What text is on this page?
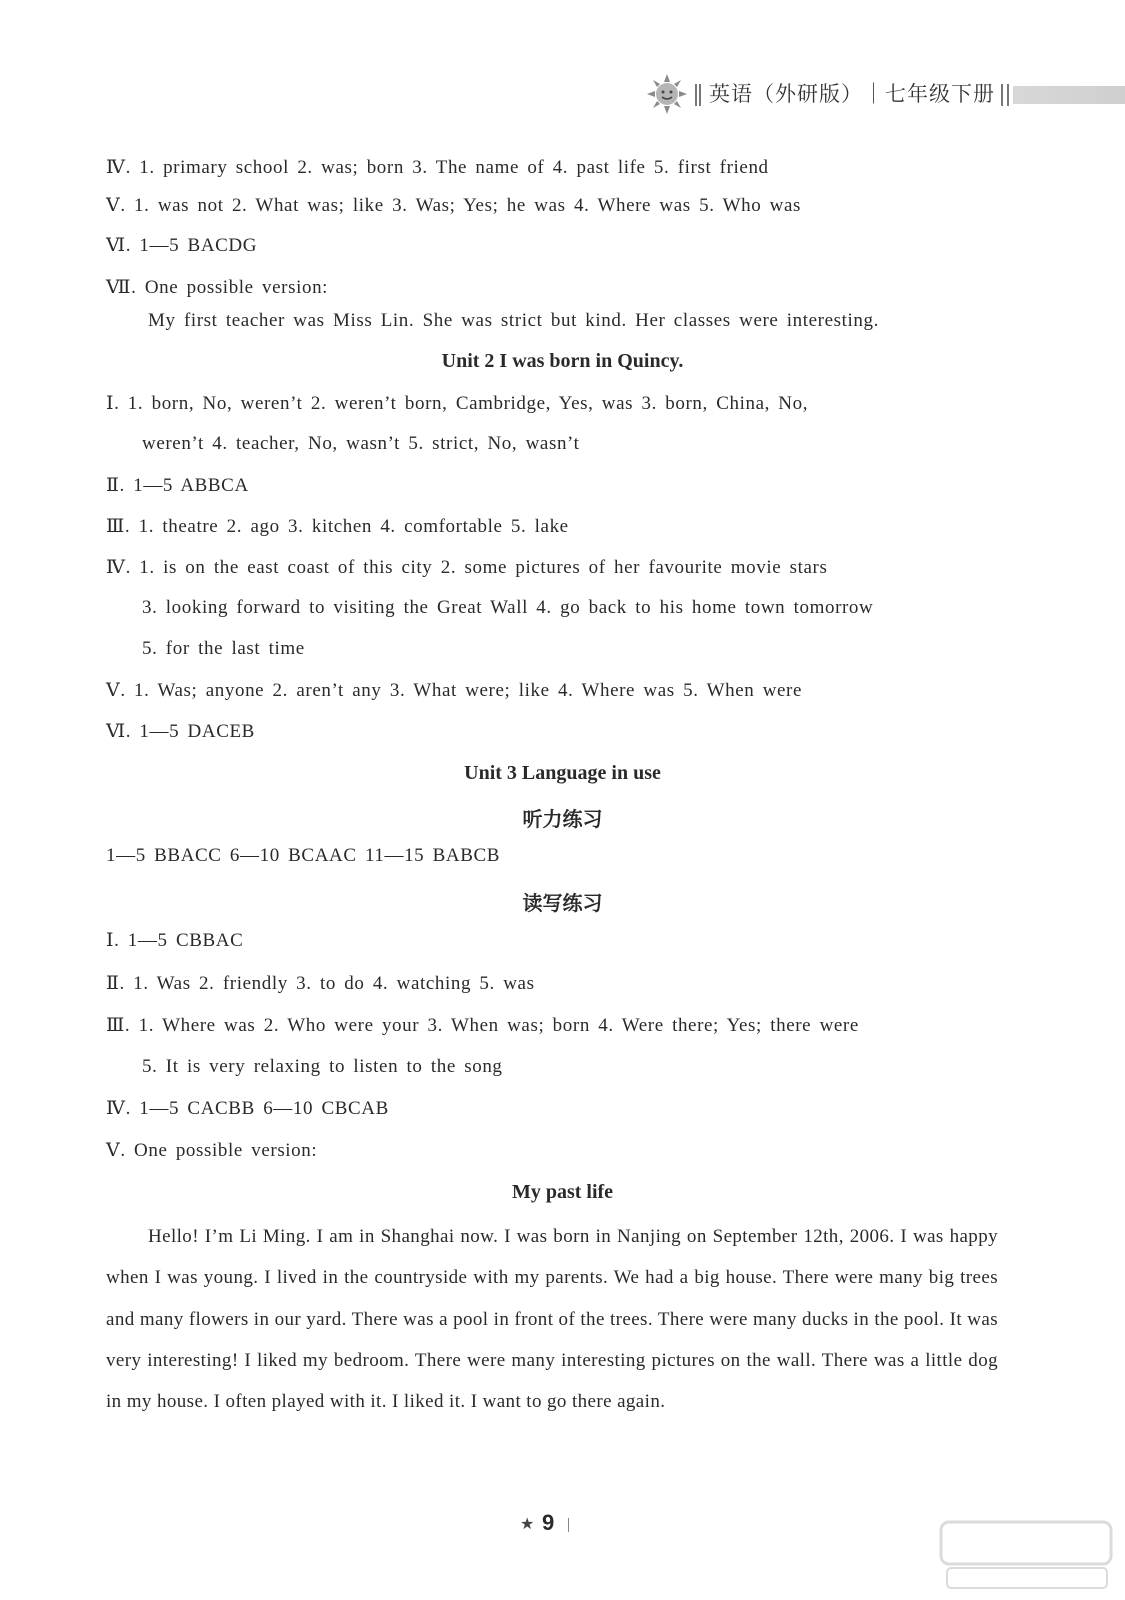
英语（外研版）｜七年级下册
Ⅳ. 1. primary school 2. was; born 3. The name of 4. past life 5. first friend
Ⅴ. 1. was not 2. What was; like 3. Was; Yes; he was 4. Where was 5. Who was
Ⅵ. 1—5 BACDG
Ⅶ. One possible version:
My first teacher was Miss Lin. She was strict but kind. Her classes were interesting.
Unit 2 I was born in Quincy.
Ⅰ. 1. born, No, weren’t 2. weren’t born, Cambridge, Yes, was 3. born, China, No,
weren’t 4. teacher, No, wasn’t 5. strict, No, wasn’t
Ⅱ. 1—5 ABBCA
Ⅲ. 1. theatre 2. ago 3. kitchen 4. comfortable 5. lake
Ⅳ. 1. is on the east coast of this city 2. some pictures of her favourite movie stars
3. looking forward to visiting the Great Wall 4. go back to his home town tomorrow
5. for the last time
Ⅴ. 1. Was; anyone 2. aren’t any 3. What were; like 4. Where was 5. When were
Ⅵ. 1—5 DACEB
Unit 3 Language in use
听力练习
1—5 BBACC 6—10 BCAAC 11—15 BABCB
读写练习
Ⅰ. 1—5 CBBAC
Ⅱ. 1. Was 2. friendly 3. to do 4. watching 5. was
Ⅲ. 1. Where was 2. Who were your 3. When was; born 4. Were there; Yes; there were
5. It is very relaxing to listen to the song
Ⅳ. 1—5 CACBB 6—10 CBCAB
Ⅴ. One possible version:
My past life

Hello! I’m Li Ming. I am in Shanghai now. I was born in Nanjing on September 12th, 2006. I was happy when I was young. I lived in the countryside with my parents. We had a big house. There were many big trees and many flowers in our yard. There was a pool in front of the trees. There were many ducks in the pool. It was very interesting! I liked my bedroom. There were many interesting pictures on the wall. There was a little dog in my house. I often played with it. I liked it. I want to go there again.

★ 9
